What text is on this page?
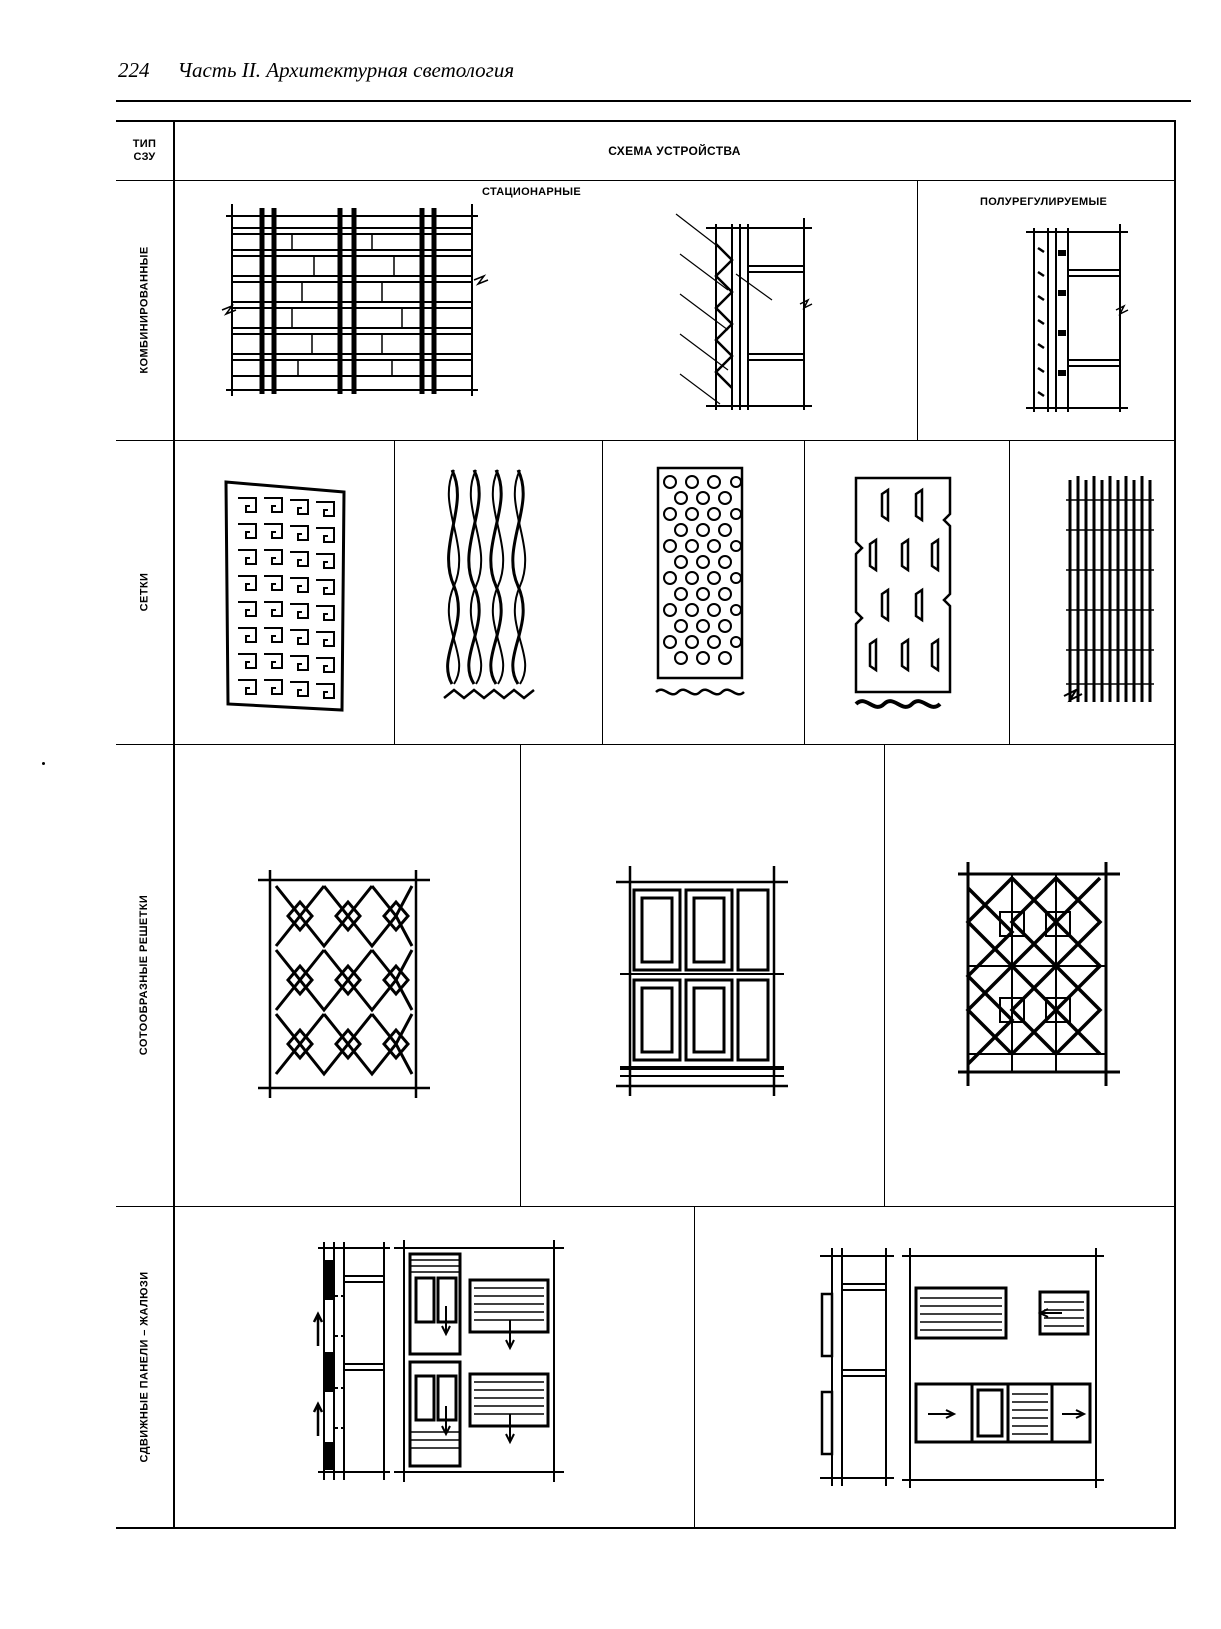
224 Часть II. Архитектурная светология
ТИП
СЗУ	СХЕМА УСТРОЙСТВА
КОМБИНИРОВАННЫЕ
СЕТКИ
СОТООБРАЗНЫЕ РЕШЕТКИ
СДВИЖНЫЕ ПАНЕЛИ – ЖАЛЮЗИ
СТАЦИОНАРНЫЕ
ПОЛУРЕГУЛИРУЕМЫЕ
